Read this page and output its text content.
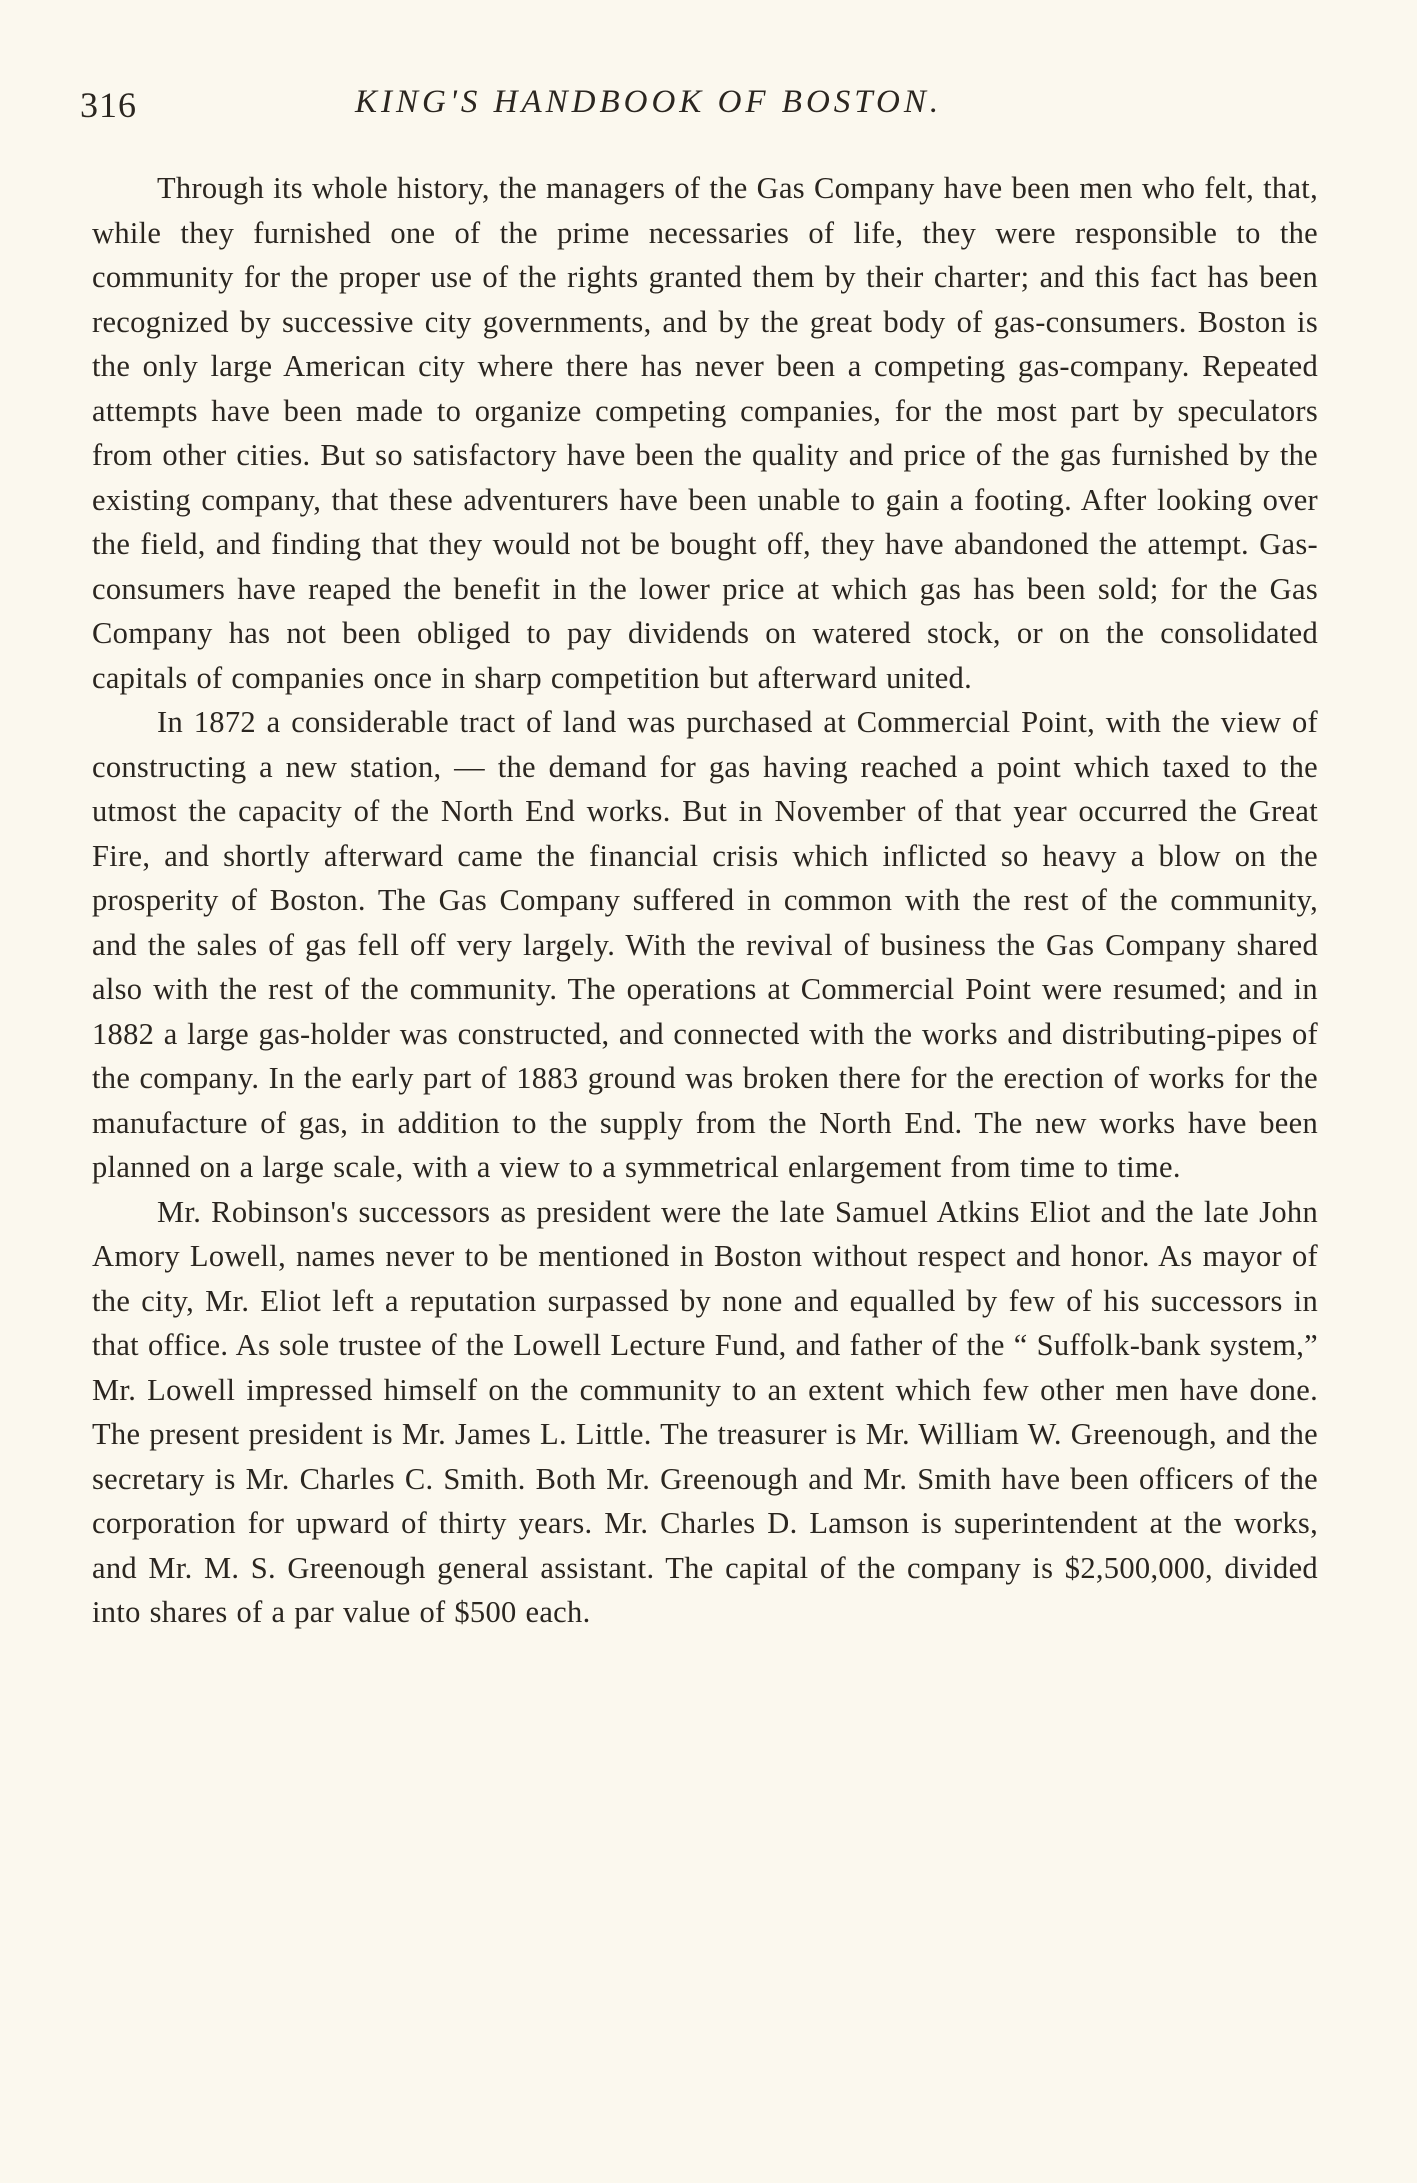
316	KING'S HANDBOOK OF BOSTON.

Through its whole history, the managers of the Gas Company have been men who felt, that, while they furnished one of the prime necessaries of life, they were responsible to the community for the proper use of the rights granted them by their charter; and this fact has been recognized by successive city governments, and by the great body of gas-consumers. Boston is the only large American city where there has never been a competing gas-company. Repeated attempts have been made to organize competing companies, for the most part by speculators from other cities. But so satisfactory have been the quality and price of the gas furnished by the existing company, that these adventurers have been unable to gain a footing. After looking over the field, and finding that they would not be bought off, they have abandoned the attempt. Gas-consumers have reaped the benefit in the lower price at which gas has been sold; for the Gas Company has not been obliged to pay dividends on watered stock, or on the consolidated capitals of companies once in sharp competition but afterward united.

In 1872 a considerable tract of land was purchased at Commercial Point, with the view of constructing a new station, — the demand for gas having reached a point which taxed to the utmost the capacity of the North End works. But in November of that year occurred the Great Fire, and shortly afterward came the financial crisis which inflicted so heavy a blow on the prosperity of Boston. The Gas Company suffered in common with the rest of the community, and the sales of gas fell off very largely. With the revival of business the Gas Company shared also with the rest of the community. The operations at Commercial Point were resumed; and in 1882 a large gas-holder was constructed, and connected with the works and distributing-pipes of the company. In the early part of 1883 ground was broken there for the erection of works for the manufacture of gas, in addition to the supply from the North End. The new works have been planned on a large scale, with a view to a symmetrical enlargement from time to time.

Mr. Robinson's successors as president were the late Samuel Atkins Eliot and the late John Amory Lowell, names never to be mentioned in Boston without respect and honor. As mayor of the city, Mr. Eliot left a reputation surpassed by none and equalled by few of his successors in that office. As sole trustee of the Lowell Lecture Fund, and father of the “ Suffolk-bank system,” Mr. Lowell impressed himself on the community to an extent which few other men have done. The present president is Mr. James L. Little. The treasurer is Mr. William W. Greenough, and the secretary is Mr. Charles C. Smith. Both Mr. Greenough and Mr. Smith have been officers of the corporation for upward of thirty years. Mr. Charles D. Lamson is superintendent at the works, and Mr. M. S. Greenough general assistant. The capital of the company is $2,500,000, divided into shares of a par value of $500 each.
